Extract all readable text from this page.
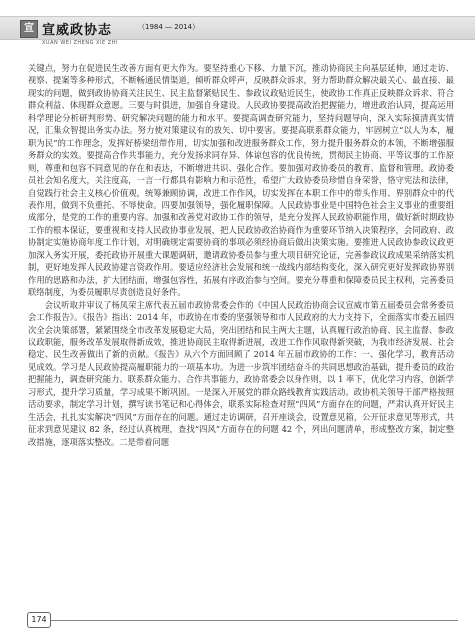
宣 宣威政协志	（1984 — 2014）
XUAN WEI ZHENG XIE ZHI

关键点，努力在促进民生改善方面有更大作为。要坚持重心下移、力量下沉，推动协商民主向基层延伸，通过走访、视察、提案等多种形式，不断畅通民情渠道，倾听群众呼声，反映群众诉求，努力帮助群众解决最关心、最直接、最现实的问题，做到政协协商关注民生、民主监督紧贴民生、参政议政贴近民生，使政协工作真正反映群众诉求、符合群众利益、体现群众意愿。三要与时俱进，加强自身建设。人民政协要提高政治把握能力，增进政治认同，提高运用科学理论分析研判形势、研究解决问题的能力和水平。要提高调查研究能力，坚持问题导向，深入实际摸清真实情况，汇集众智提出务实办法。努力使对策建议有的放矢、切中要害。要提高联系群众能力，牢固树立“以人为本，履职为民”的工作理念，发挥好桥梁纽带作用，切实加强和改进服务群众工作，努力提升服务群众的本领，不断增强服务群众的实效。要提高合作共事能力，充分发扬求同存异、体谅包容的优良传统，贯彻民主协商、平等议事的工作原则，尊重和包容不同意见的存在和表达，不断增进共识、强化合作。要加强对政协委员的教育、监督和管理。政协委员社会知名度大，关注度高，一言一行都具有影响力和示范性，希望广大政协委员珍惜自身荣誉，恪守宪法和法律，自觉践行社会主义核心价值观，统筹兼顾协调，改进工作作风，切实发挥在本职工作中的带头作用、界别群众中的代表作用，做到不负重托、不辱使命。四要加强领导，强化履职保障。人民政协事业是中国特色社会主义事业的重要组成部分，是党的工作的重要内容。加强和改善党对政协工作的领导，是充分发挥人民政协职能作用，做好新时期政协工作的根本保证，要重视和支持人民政协事业发展，把人民政协政治协商作为重要环节纳入决策程序，会同政府、政协制定实施协商年度工作计划，对明确规定需要协商的事项必须经协商后做出决策实施。要推进人民政协参政议政更加深入务实开展，委托政协开展重大课题调研，邀请政协委员参与重大项目研究论证，完善参政议政成果采纳落实机制，更好地发挥人民政协建言资政作用。要适应经济社会发展和统一战线内部结构变化，深入研究更好发挥政协界别作用的思路和办法，扩大团结面，增强包容性，拓展有序政治参与空间。要充分尊重和保障委员民主权利，完善委员联络制度，为委员履职尽责创造良好条件。

会议听取并审议了杨凤荣主席代表五届市政协常委会作的《中国人民政治协商会议宣威市第五届委员会常务委员会工作报告》。《报告》指出：2014 年，市政协在市委的坚强领导和市人民政府的大力支持下，全面落实市委五届四次全会决策部署，紧紧围绕全市改革发展稳定大局，突出团结和民主两大主题，认真履行政治协商、民主监督、参政议政职能，服务改革发展取得新成效，推进协商民主取得新进展，改进工作作风取得新突破，为我市经济发展、社会稳定、民生改善做出了新的贡献。《报告》从六个方面回顾了 2014 年五届市政协的工作：一、强化学习，教育活动见成效。学习是人民政协提高履职能力的一项基本功。为进一步筑牢团结奋斗的共同思想政治基础，提升委员的政治把握能力，调查研究能力、联系群众能力、合作共事能力，政协常委会以身作则，以 1 率下，优化学习内容，创新学习形式，提升学习质量，学习成果不断巩固。一是深入开展党的群众路线教育实践活动。政协机关领导干部严格按照活动要求，制定学习计划，撰写读书笔记和心得体会，联系实际检查对照“四风”方面存在的问题，严肃认真开好民主生活会，扎扎实实解决“四风”方面存在的问题。通过走访调研，召开座谈会，设置意见箱，公开征求意见等形式，共征求到意见建议 82 条，经过认真梳理，查找“四风”方面存在的问题 42 个，列出问题清单，形成整改方案，制定整改措施，逐项落实整改。二是带着问题

174
